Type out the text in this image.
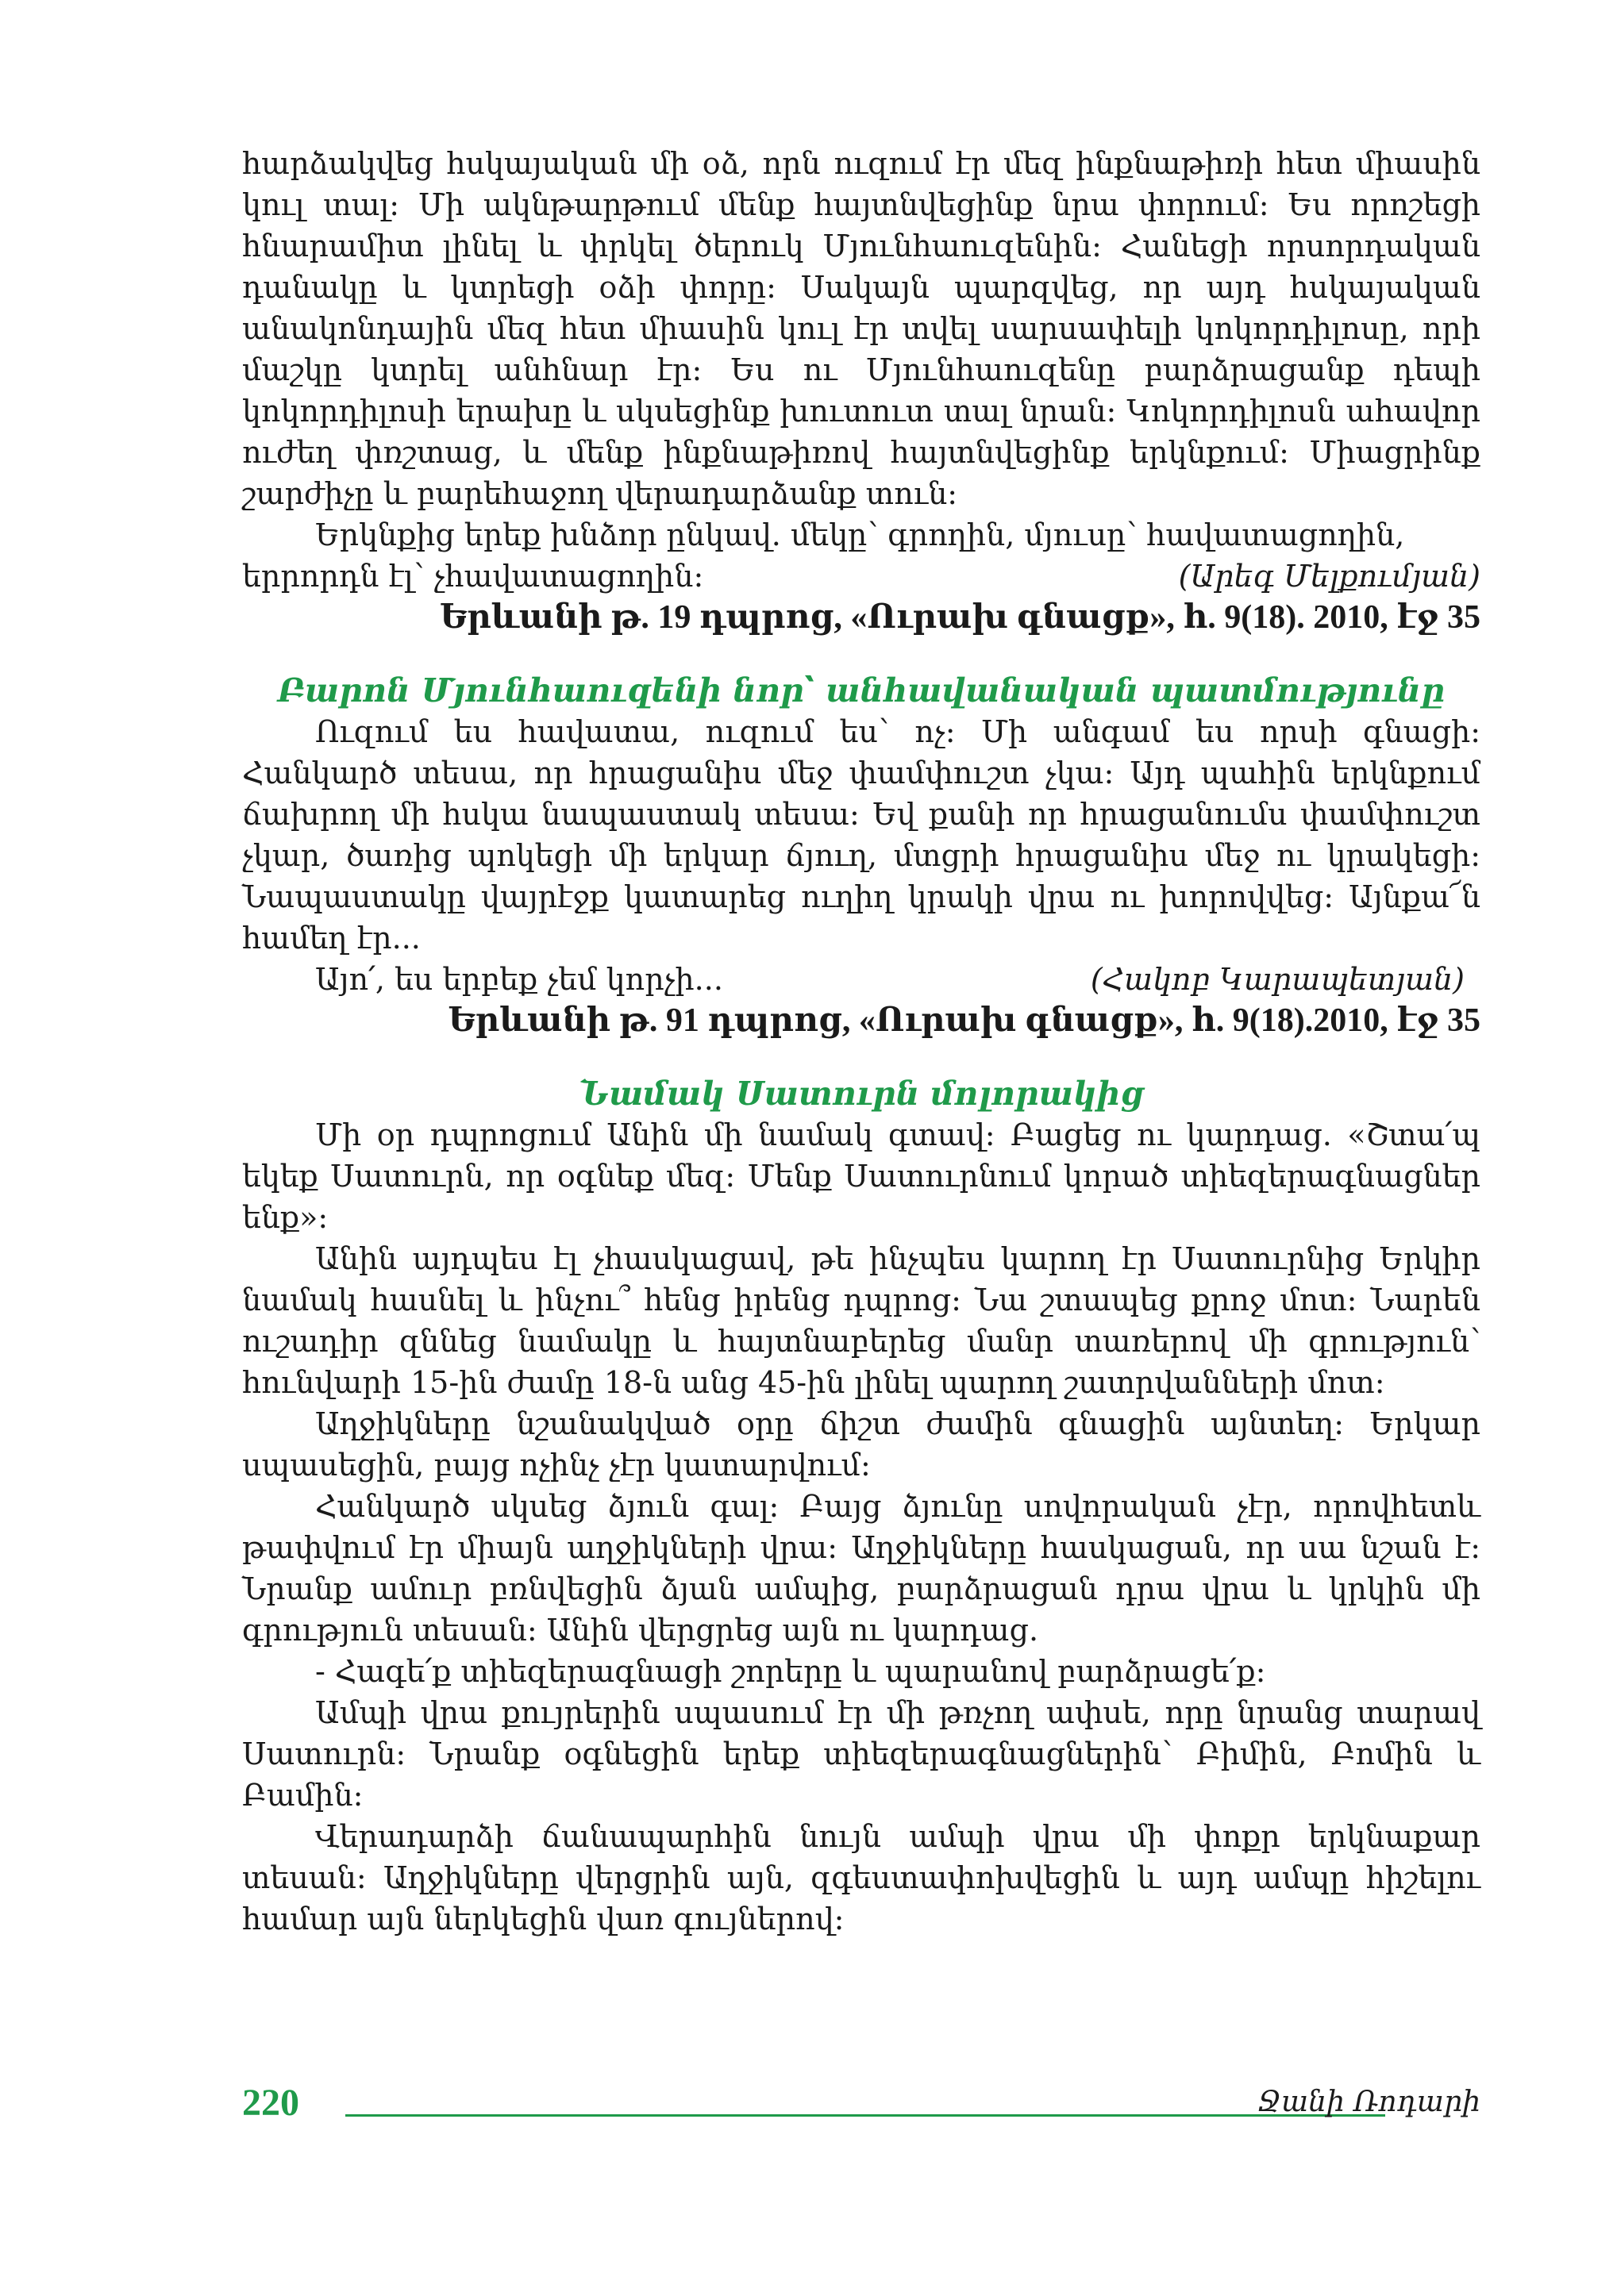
հարձակվեց հսկայական մի օձ, որն ուզում էր մեզ ինքնաթիռի հետ միասին կուլ տալ: Մի ակնթարթում մենք հայտնվեցինք նրա փորում: Ես որոշեցի հնարամիտ լինել և փրկել ծերուկ Մյունհաուզենին: Հանեցի որսորդական դանակը և կտրեցի օձի փորը: Սակայն պարզվեց, որ այդ հսկայական անակոնդային մեզ հետ միասին կուլ էր տվել սարսափելի կոկորդիլոսը, որի մաշկը կտրել անհնար էր: Ես ու Մյունհաուզենը բարձրացանք դեպի կոկորդիլոսի երախը և սկսեցինք խուտուտ տալ նրան: Կոկորդիլոսն ահավոր ուժեղ փռշտաց, և մենք ինքնաթիռով հայտնվեցինք երկնքում: Միացրինք շարժիչը և բարեհաջող վերադարձանք տուն:

Երկնքից երեք խնձոր ընկավ. մեկը՝ գրողին, մյուսը՝ հավատացողին,

երրորդն էլ՝ չհավատացողին:	(Արեգ Մելքումյան)

Երևանի թ. 19 դպրոց, «Ուրախ գնացք», հ. 9(18). 2010, էջ 35

Բարոն Մյունհաուզենի նոր՝ անհավանական պատմությունը

Ուզում ես հավատա, ուզում ես՝ ոչ: Մի անգամ ես որսի գնացի: Հանկարծ տեսա, որ հրացանիս մեջ փամփուշտ չկա: Այդ պահին երկնքում ճախրող մի հսկա նապաստակ տեսա: Եվ քանի որ հրացանումս փամփուշտ չկար, ծառից պոկեցի մի երկար ճյուղ, մտցրի հրացանիս մեջ ու կրակեցի: Նապաստակը վայրէջք կատարեց ուղիղ կրակի վրա ու խորովվեց: Այնքա՜ն համեղ էր...

Այո՛, ես երբեք չեմ կորչի...	(Հակոբ Կարապետյան)

Երևանի թ. 91 դպրոց, «Ուրախ գնացք», հ. 9(18).2010, էջ 35

Նամակ Սատուրն մոլորակից

Մի օր դպրոցում Անին մի նամակ գտավ: Բացեց ու կարդաց. «Շտա՛պ եկեք Սատուրն, որ օգնեք մեզ: Մենք Սատուրնում կորած տիեզերագնացներ ենք»:

Անին այդպես էլ չհասկացավ, թե ինչպես կարող էր Սատուրնից Երկիր նամակ հասնել և ինչու՞ հենց իրենց դպրոց: Նա շտապեց քրոջ մոտ: Նարեն ուշադիր զննեց նամակը և հայտնաբերեց մանր տառերով մի գրություն՝ հունվարի 15-ին ժամը 18-ն անց 45-ին լինել պարող շատրվանների մոտ:

Աղջիկները նշանակված օրը ճիշտ ժամին գնացին այնտեղ: Երկար սպասեցին, բայց ոչինչ չէր կատարվում:

Հանկարծ սկսեց ձյուն գալ: Բայց ձյունը սովորական չէր, որովհետև թափվում էր միայն աղջիկների վրա: Աղջիկները հասկացան, որ սա նշան է: Նրանք ամուր բռնվեցին ձյան ամպից, բարձրացան դրա վրա և կրկին մի գրություն տեսան: Անին վերցրեց այն ու կարդաց.

- Հագե՛ք տիեզերագնացի շորերը և պարանով բարձրացե՛ք:

Ամպի վրա քույրերին սպասում էր մի թռչող ափսե, որը նրանց տարավ Սատուրն: Նրանք օգնեցին երեք տիեզերագնացներին՝ Բիմին, Բոմին և Բամին:

Վերադարձի ճանապարհին նույն ամպի վրա մի փոքր երկնաքար տեսան: Աղջիկները վերցրին այն, զգեստափոխվեցին և այդ ամպը հիշելու համար այն ներկեցին վառ գույներով:

220	Ջանի Ռոդարի
